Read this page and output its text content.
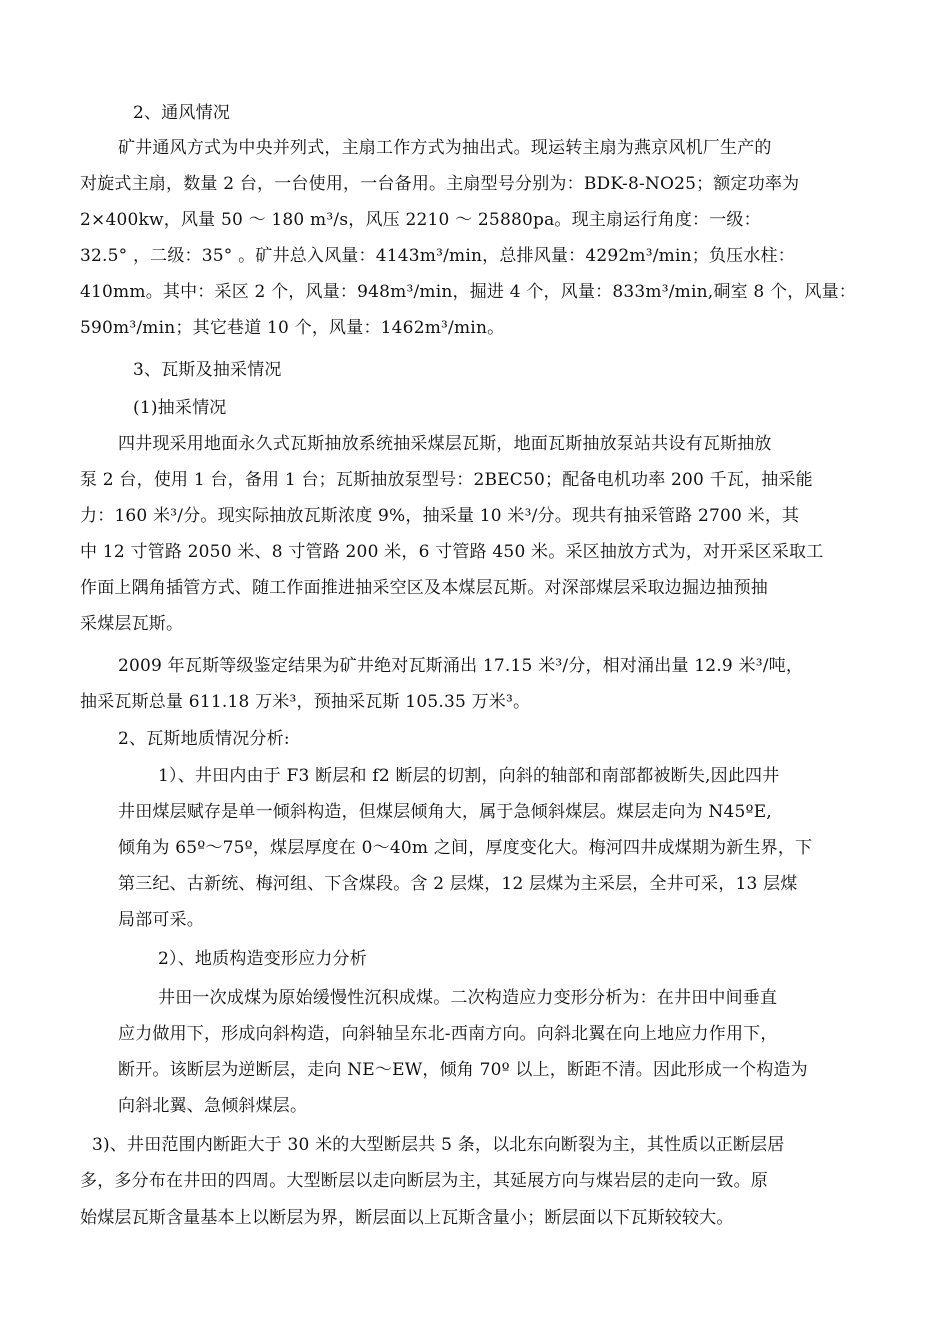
2、通风情况
矿井通风方式为中央并列式，主扇工作方式为抽出式。现运转主扇为燕京风机厂生产的
对旋式主扇，数量 2 台，一台使用，一台备用。主扇型号分别为：BDK-8-NO25；额定功率为
2×400kw，风量 50 ～ 180 m³/s，风压 2210 ～ 25880pa。现主扇运行角度：一级：
32.5° ，二级：35° 。矿井总入风量：4143m³/min，总排风量：4292m³/min；负压水柱：
410mm。其中：采区 2 个，风量：948m³/min，掘进 4 个，风量：833m³/min,硐室 8 个，风量：
590m³/min；其它巷道 10 个，风量：1462m³/min。
3、瓦斯及抽采情况
(1)抽采情况
四井现采用地面永久式瓦斯抽放系统抽采煤层瓦斯，地面瓦斯抽放泵站共设有瓦斯抽放
泵 2 台，使用 1 台，备用 1 台；瓦斯抽放泵型号：2BEC50；配备电机功率 200 千瓦，抽采能
力：160 米³/分。现实际抽放瓦斯浓度 9%，抽采量 10 米³/分。现共有抽采管路 2700 米，其
中 12 寸管路 2050 米、8 寸管路 200 米，6 寸管路 450 米。采区抽放方式为，对开采区采取工
作面上隅角插管方式、随工作面推进抽采空区及本煤层瓦斯。对深部煤层采取边掘边抽预抽
采煤层瓦斯。
2009 年瓦斯等级鉴定结果为矿井绝对瓦斯涌出 17.15 米³/分，相对涌出量 12.9 米³/吨，
抽采瓦斯总量 611.18 万米³，预抽采瓦斯 105.35 万米³。
2、瓦斯地质情况分析:
1）、井田内由于 F3 断层和 f2 断层的切割，向斜的轴部和南部都被断失,因此四井
井田煤层赋存是单一倾斜构造，但煤层倾角大，属于急倾斜煤层。煤层走向为 N45ºE,
倾角为 65º～75º，煤层厚度在 0～40m 之间，厚度变化大。梅河四井成煤期为新生界，下
第三纪、古新统、梅河组、下含煤段。含 2 层煤，12 层煤为主采层，全井可采，13 层煤
局部可采。
2）、地质构造变形应力分析
井田一次成煤为原始缓慢性沉积成煤。二次构造应力变形分析为：在井田中间垂直
应力做用下，形成向斜构造，向斜轴呈东北-西南方向。向斜北翼在向上地应力作用下，
断开。该断层为逆断层，走向 NE～EW，倾角 70º 以上，断距不清。因此形成一个构造为
向斜北翼、急倾斜煤层。
3)、井田范围内断距大于 30 米的大型断层共 5 条，以北东向断裂为主，其性质以正断层居
多，多分布在井田的四周。大型断层以走向断层为主，其延展方向与煤岩层的走向一致。原
始煤层瓦斯含量基本上以断层为界，断层面以上瓦斯含量小；断层面以下瓦斯较较大。
